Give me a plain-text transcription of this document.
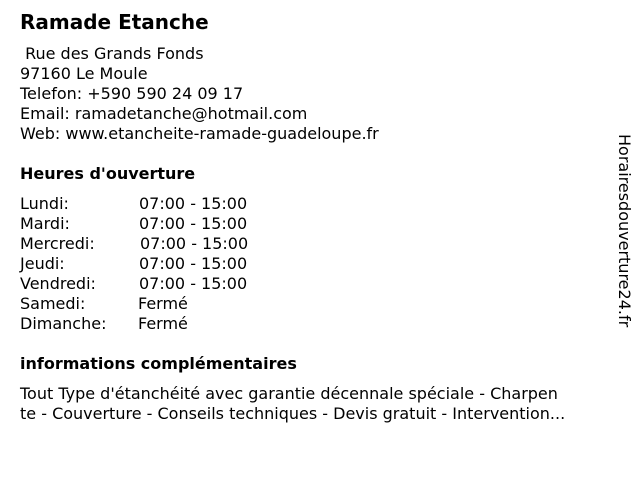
Ramade Etanche
Rue des Grands Fonds
97160 Le Moule
Telefon: +590 590 24 09 17
Email: ramadetanche@hotmail.com
Web: www.etancheite-ramade-guadeloupe.fr
Heures d'ouverture
Lundi:	07:00 - 15:00
Mardi:	07:00 - 15:00
Mercredi:	07:00 - 15:00
Jeudi:	07:00 - 15:00
Vendredi:	07:00 - 15:00
Samedi:	Fermé
Dimanche: Fermé
informations complémentaires
Tout Type d'étanchéité avec garantie décennale spéciale - Charpen
te - Couverture - Conseils techniques - Devis gratuit - Intervention...
Horairesdouverture24.fr
